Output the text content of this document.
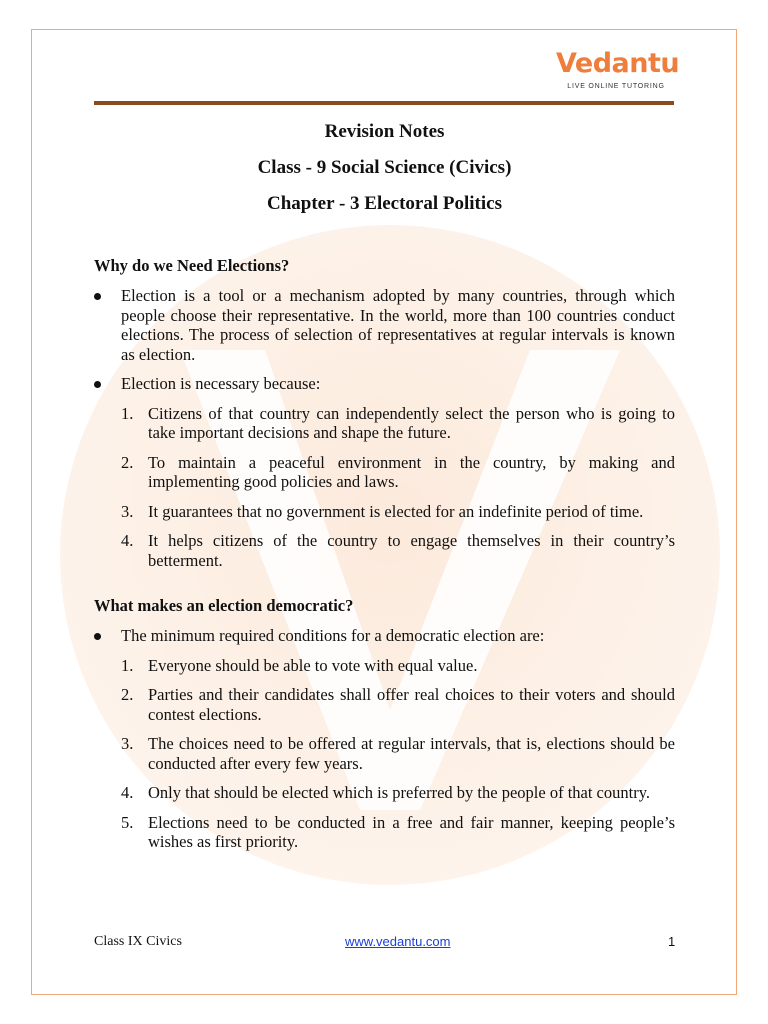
Vedantu
LIVE ONLINE TUTORING
Revision Notes
Class - 9 Social Science (Civics)
Chapter - 3 Electoral Politics
Why do we Need Elections?
Election is a tool or a mechanism adopted by many countries, through which people choose their representative. In the world, more than 100 countries conduct elections. The process of selection of representatives at regular intervals is known as election.
Election is necessary because:
1. Citizens of that country can independently select the person who is going to take important decisions and shape the future.
2. To maintain a peaceful environment in the country, by making and implementing good policies and laws.
3. It guarantees that no government is elected for an indefinite period of time.
4. It helps citizens of the country to engage themselves in their country’s betterment.
What makes an election democratic?
The minimum required conditions for a democratic election are:
1. Everyone should be able to vote with equal value.
2. Parties and their candidates shall offer real choices to their voters and should contest elections.
3. The choices need to be offered at regular intervals, that is, elections should be conducted after every few years.
4. Only that should be elected which is preferred by the people of that country.
5. Elections need to be conducted in a free and fair manner, keeping people’s wishes as first priority.
Class IX Civics	www.vedantu.com	1
